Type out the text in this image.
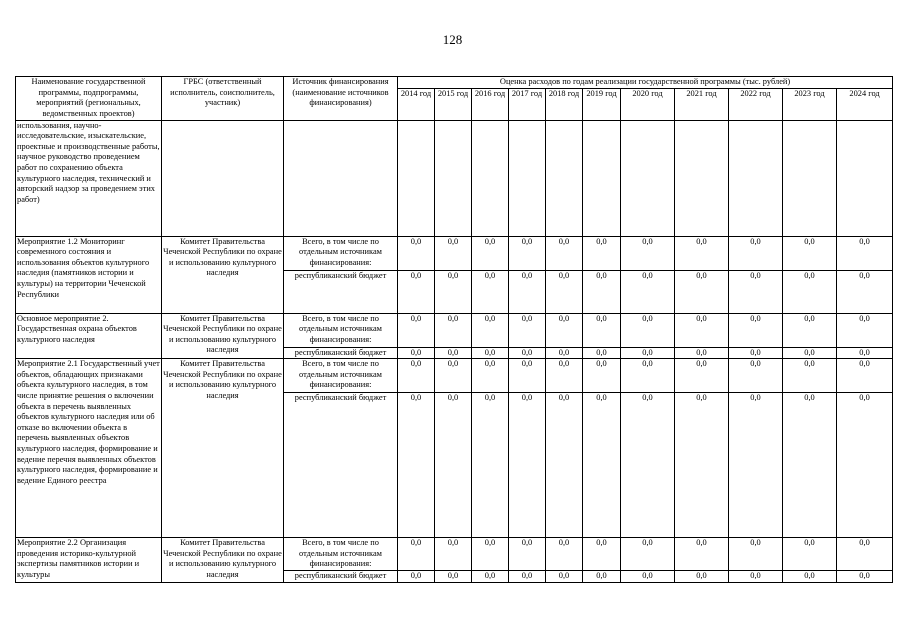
128
Наименование государственной программы, подпрограммы, мероприятий (региональных, ведомственных проектов)	ГРБС (ответственный исполнитель, соисполнитель, участник)	Источник финансирования (наименование источников финансирования)	Оценка расходов по годам реализации государственной программы (тыс. рублей)										
			2014 год	2015 год	2016 год	2017 год	2018 год	2019 год	2020 год	2021 год	2022 год	2023 год	2024 год
использования, научно-исследовательские, изыскательские, проектные и производственные работы, научное руководство проведением работ по сохранению объекта культурного наследия, технический и авторский надзор за проведением этих работ)													
Мероприятие 1.2 Мониторинг современного состояния и использования объектов культурного наследия (памятников истории и культуры) на территории Чеченской Республики	Комитет Правительства Чеченской Республики по охране и использованию культурного наследия	Всего, в том числе по отдельным источникам финансирования:	0,0	0,0	0,0	0,0	0,0	0,0	0,0	0,0	0,0	0,0	0,0
		республиканский бюджет	0,0	0,0	0,0	0,0	0,0	0,0	0,0	0,0	0,0	0,0	0,0
Основное мероприятие 2. Государственная охрана объектов культурного наследия	Комитет Правительства Чеченской Республики по охране и использованию культурного наследия	Всего, в том числе по отдельным источникам финансирования:	0,0	0,0	0,0	0,0	0,0	0,0	0,0	0,0	0,0	0,0	0,0
		республиканский бюджет	0,0	0,0	0,0	0,0	0,0	0,0	0,0	0,0	0,0	0,0	0,0
Мероприятие 2.1 Государственный учет объектов, обладающих признаками объекта культурного наследия, в том числе принятие решения о включении объекта в перечень выявленных объектов культурного наследия или об отказе во включении объекта в перечень выявленных объектов культурного наследия, формирование и ведение перечня выявленных объектов культурного наследия, формирование и ведение Единого реестра	Комитет Правительства Чеченской Республики по охране и использованию культурного наследия	Всего, в том числе по отдельным источникам финансирования:	0,0	0,0	0,0	0,0	0,0	0,0	0,0	0,0	0,0	0,0	0,0
		республиканский бюджет	0,0	0,0	0,0	0,0	0,0	0,0	0,0	0,0	0,0	0,0	0,0
Мероприятие 2.2 Организация проведения историко-культурной экспертизы памятников истории и культуры	Комитет Правительства Чеченской Республики по охране и использованию культурного наследия	Всего, в том числе по отдельным источникам финансирования:	0,0	0,0	0,0	0,0	0,0	0,0	0,0	0,0	0,0	0,0	0,0
		республиканский бюджет	0,0	0,0	0,0	0,0	0,0	0,0	0,0	0,0	0,0	0,0	0,0
